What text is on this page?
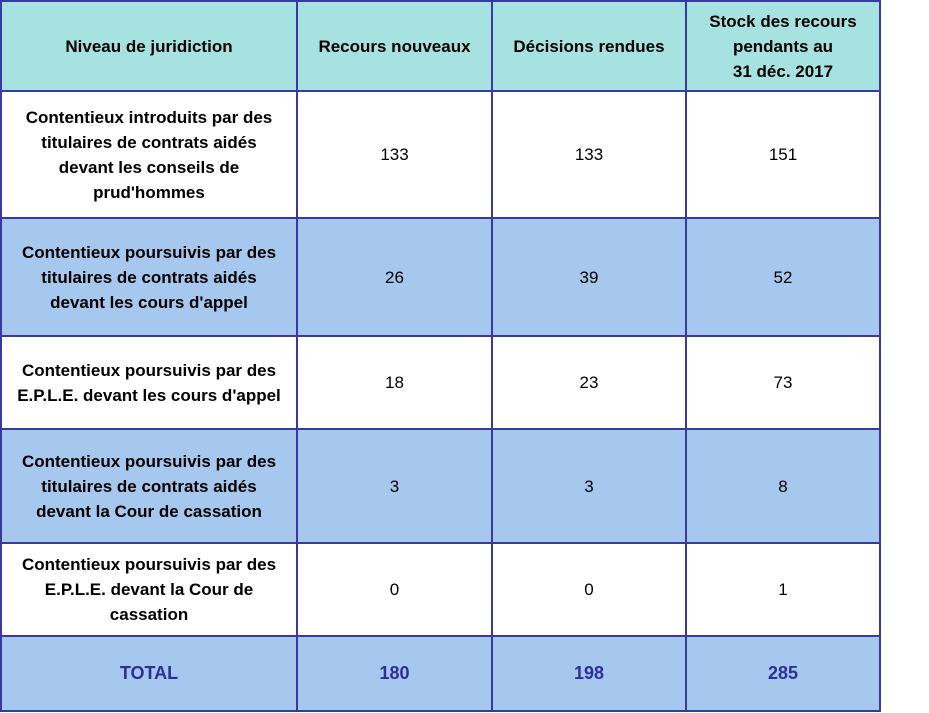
Niveau de juridiction	Recours nouveaux	Décisions rendues	Stock des recours
pendants au
31 déc. 2017

Contentieux introduits par des
titulaires de contrats aidés
devant les conseils de
prud'hommes	133	133	151

Contentieux poursuivis par des
titulaires de contrats aidés
devant les cours d'appel	26	39	52

Contentieux poursuivis par des
E.P.L.E. devant les cours d'appel	18	23	73

Contentieux poursuivis par des
titulaires de contrats aidés
devant la Cour de cassation	3	3	8

Contentieux poursuivis par des
E.P.L.E. devant la Cour de
cassation	0	0	1
TOTAL	180	198	285
